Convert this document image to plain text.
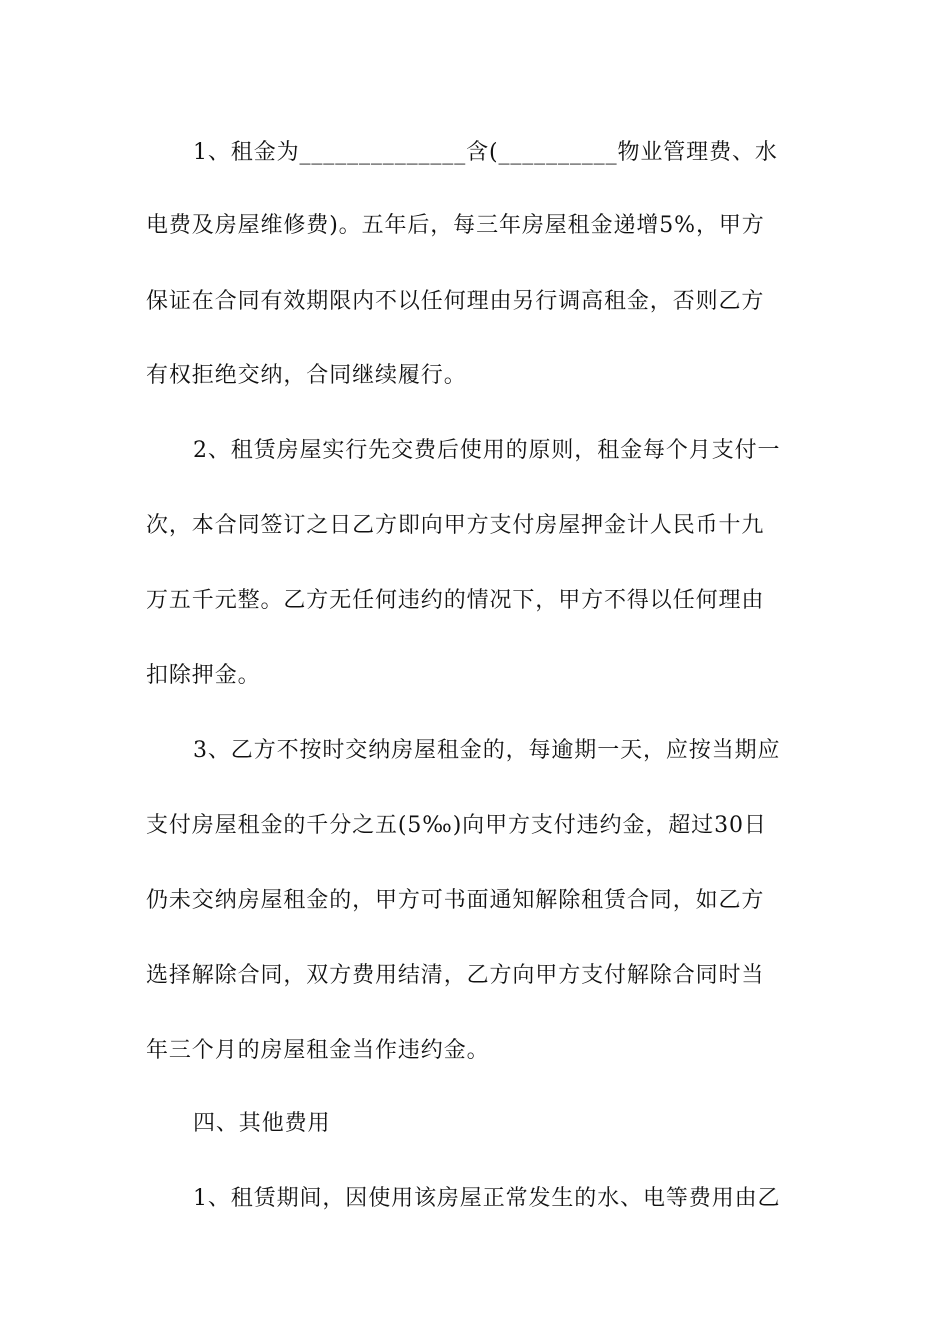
1、租金为______________含(__________物业管理费、水
电费及房屋维修费)。五年后，每三年房屋租金递增5%，甲方
保证在合同有效期限内不以任何理由另行调高租金，否则乙方
有权拒绝交纳，合同继续履行。
2、租赁房屋实行先交费后使用的原则，租金每个月支付一
次，本合同签订之日乙方即向甲方支付房屋押金计人民币十九
万五千元整。乙方无任何违约的情况下，甲方不得以任何理由
扣除押金。
3、乙方不按时交纳房屋租金的，每逾期一天，应按当期应
支付房屋租金的千分之五(5‰)向甲方支付违约金，超过30日
仍未交纳房屋租金的，甲方可书面通知解除租赁合同，如乙方
选择解除合同，双方费用结清，乙方向甲方支付解除合同时当
年三个月的房屋租金当作违约金。
四、其他费用
1、租赁期间，因使用该房屋正常发生的水、电等费用由乙
